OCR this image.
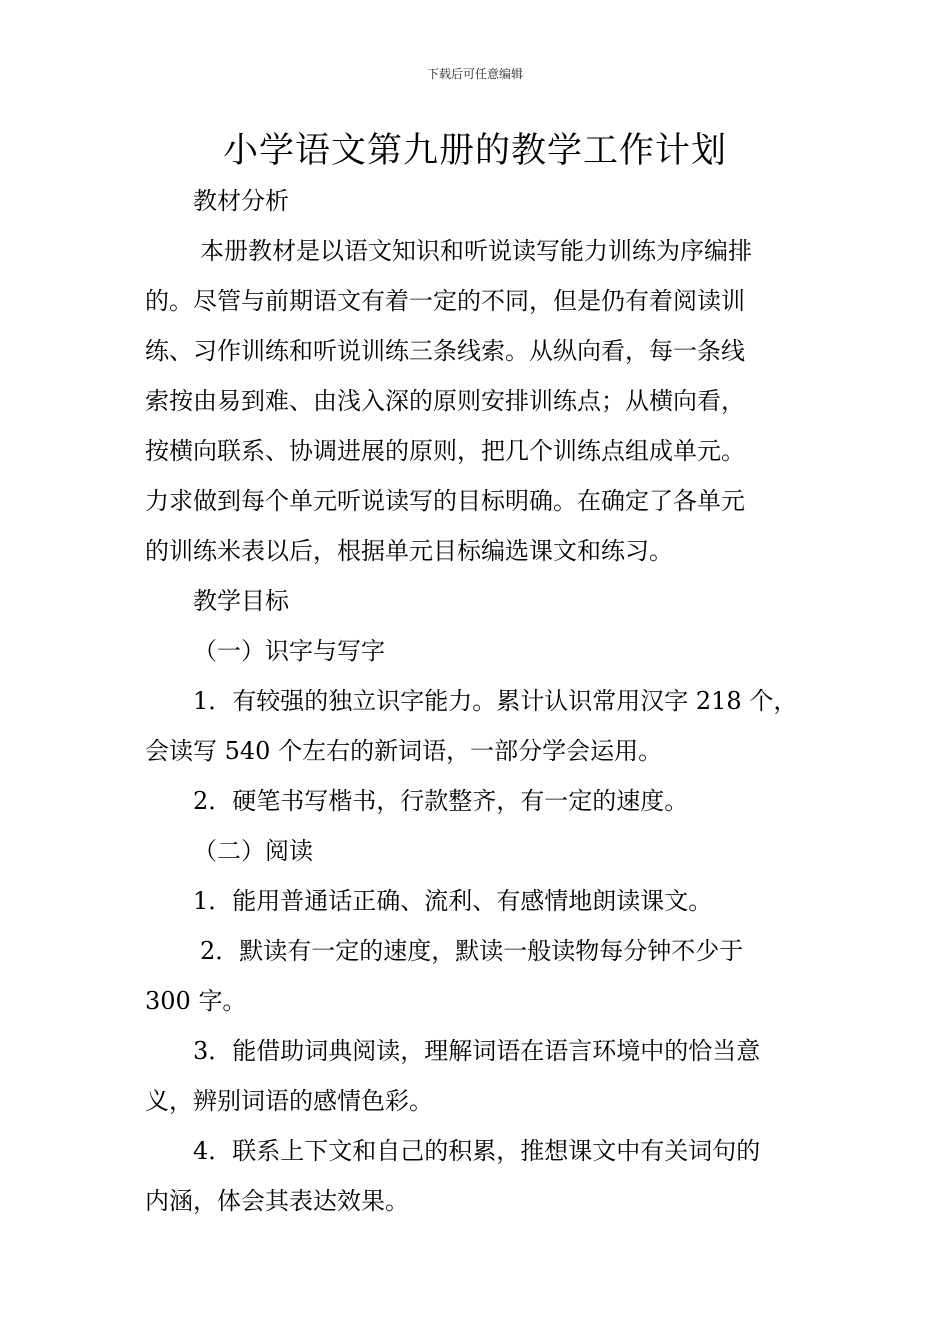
下载后可任意编辑
小学语文第九册的教学工作计划
教材分析
本册教材是以语文知识和听说读写能力训练为序编排
的。尽管与前期语文有着一定的不同，但是仍有着阅读训
练、习作训练和听说训练三条线索。从纵向看，每一条线
索按由易到难、由浅入深的原则安排训练点；从横向看，
按横向联系、协调进展的原则，把几个训练点组成单元。
力求做到每个单元听说读写的目标明确。在确定了各单元
的训练米表以后，根据单元目标编选课文和练习。
教学目标
（一）识字与写字
1．有较强的独立识字能力。累计认识常用汉字 218 个，
会读写 540 个左右的新词语，一部分学会运用。
2．硬笔书写楷书，行款整齐，有一定的速度。
（二）阅读
1．能用普通话正确、流利、有感情地朗读课文。
2．默读有一定的速度，默读一般读物每分钟不少于
300 字。
3．能借助词典阅读，理解词语在语言环境中的恰当意
义，辨别词语的感情色彩。
4．联系上下文和自己的积累，推想课文中有关词句的
内涵，体会其表达效果。
